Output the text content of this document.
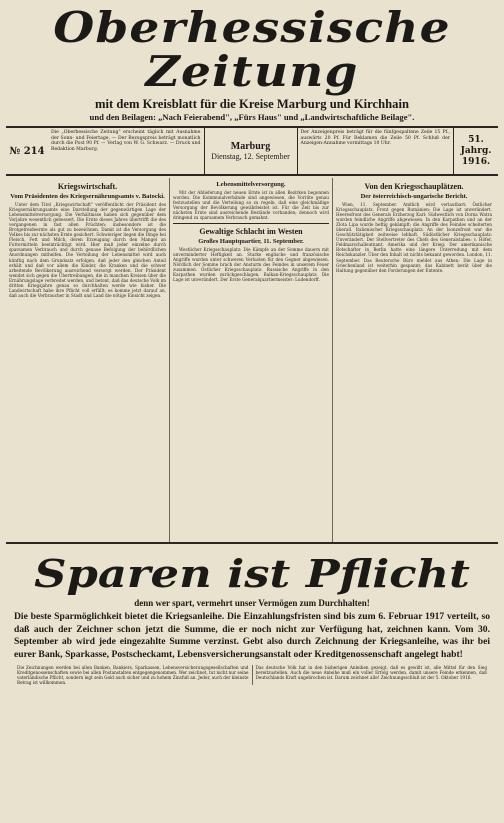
Oberhessische Zeitung
mit dem Kreisblatt für die Kreise Marburg und Kirchhain
und den Beilagen: „Nach Feierabend", „Fürs Haus" und „Landwirtschaftliche Beilage".
№ 214
Die „Oberhessische Zeitung" erscheint täglich mit Ausnahme der Sonn- und Feiertage. — Der Bezugspreis beträgt monatlich durch die Post 90 Pf. — Verlag von W. G. Schwarz. — Druck und Redaktion Marburg.	Marburg
Dienstag, 12. September
Der Anzeigenpreis beträgt für die fünfgespaltene Zeile 15 Pf., auswärts 20 Pf. Für Reklamen die Zeile 50 Pf. Schluß der Anzeigen-Annahme vormittags 10 Uhr.	51. Jahrg. 1916.
Kriegswirtschaft.
Vom Präsidenten des Kriegsernährungsamts v. Batocki.

Unter dem Titel „Kriegswirtschaft" veröffentlicht der Präsident des Kriegsernährungsamts eine Darstellung der gegenwärtigen Lage der Lebensmittelversorgung. Die Verhältnisse haben sich gegenüber dem Vorjahre wesentlich gebessert. Die Ernte dieses Jahres übertrifft die des vergangenen in fast allen Früchten; insbesondere ist die Brotgetreideernte als gut zu bezeichnen. Damit ist die Versorgung des Volkes bis zur nächsten Ernte gesichert. Schwieriger liegen die Dinge bei Fleisch, Fett und Milch, deren Erzeugung durch den Mangel an Futtermitteln beeinträchtigt wird. Hier muß jeder einzelne durch sparsamen Verbrauch und durch genaue Befolgung der behördlichen Anordnungen mithelfen. Die Verteilung der Lebensmittel wird auch künftig nach dem Grundsatz erfolgen, daß jeder den gleichen Anteil erhält und daß vor allem die Kinder, die Kranken und die schwer arbeitende Bevölkerung ausreichend versorgt werden. Der Präsident wendet sich gegen die Übertreibungen, die in manchen Kreisen über die Ernährungslage verbreitet werden, und betont, daß das deutsche Volk im dritten Kriegsjahre genau so durchhalten werde wie bisher. Die Landwirtschaft habe ihre Pflicht voll erfüllt; es komme jetzt darauf an, daß auch die Verbraucher in Stadt und Land die nötige Einsicht zeigen.

Lebensmittelversorgung.

Mit der Ablieferung der neuen Ernte ist in allen Bezirken begonnen worden. Die Kommunalverbände sind angewiesen, die Vorräte genau festzustellen und die Verteilung so zu regeln, daß eine gleichmäßige Versorgung der Bevölkerung gewährleistet ist. Für die Zeit bis zur nächsten Ernte sind ausreichende Bestände vorhanden; dennoch wird dringend zu sparsamem Verbrauch gemahnt.

Gewaltige Schlacht im Westen
Großes Hauptquartier, 11. September.

Westlicher Kriegsschauplatz: Die Kämpfe an der Somme dauern mit unverminderter Heftigkeit an. Starke englische und französische Angriffe wurden unter schweren Verlusten für den Gegner abgewiesen. Nördlich der Somme brach der Ansturm des Feindes in unserem Feuer zusammen. Östlicher Kriegsschauplatz: Russische Angriffe in den Karpathen wurden zurückgeschlagen. Balkan-Kriegsschauplatz: Die Lage ist unverändert. Der Erste Generalquartiermeister: Ludendorff.

Von den Kriegsschauplätzen.
Der österreichisch-ungarische Bericht.

Wien, 11. September. Amtlich wird verlautbart: Östlicher Kriegsschauplatz. Front gegen Rumänien: Die Lage ist unverändert. Heeresfront des Generals Erzherzog Karl: Südwestlich von Dorna Watra wurden feindliche Angriffe abgewiesen. In den Karpathen und an der Zlota Lipa wurde heftig gekämpft; die Angriffe des Feindes scheiterten überall. Italienischer Kriegsschauplatz: An der Isonzofront war die Geschütztätigkeit zeitweise lebhaft. Südöstlicher Kriegsschauplatz: Unverändert. Der Stellvertreter des Chefs des Generalstabes: v. Höfer, Feldmarschalleutnant. Amerika und der Krieg: Der amerikanische Botschafter in Berlin hatte eine längere Unterredung mit dem Reichskanzler. Über den Inhalt ist nichts bekannt geworden. London, 11. September. Das Reutersche Büro meldet aus Athen: Die Lage in Griechenland ist weiterhin gespannt; das Kabinett berät über die Haltung gegenüber den Forderungen der Entente.

Sparen ist Pflicht
denn wer spart, vermehrt unser Vermögen zum Durchhalten!
Die beste Sparmöglichkeit bietet die Kriegsanleihe. Die Einzahlungsfristen sind bis zum 6. Februar 1917 verteilt, so daß auch der Zeichner schon jetzt die Summe, die er noch nicht zur Verfügung hat, zeichnen kann. Vom 30. September ab wird jede eingezahlte Summe verzinst. Gebt also durch Zeichnung der Kriegsanleihe, was ihr bei eurer Bank, Sparkasse, Postscheckamt, Lebensversicherungsanstalt oder Kreditgenossenschaft angelegt habt!
Die Zeichnungen werden bei allen Banken, Bankiers, Sparkassen, Lebensversicherungsgesellschaften und Kreditgenossenschaften sowie bei allen Postanstalten entgegengenommen. Wer zeichnet, tut nicht nur seine vaterländische Pflicht, sondern legt sein Geld auch sicher und zu hohem Zinsfuß an. Jeder, auch der kleinste Betrag ist willkommen.
Das deutsche Volk hat in den bisherigen Anleihen gezeigt, daß es gewillt ist, alle Mittel für den Sieg bereitzustellen. Auch die neue Anleihe muß ein voller Erfolg werden, damit unsere Feinde erkennen, daß Deutschlands Kraft ungebrochen ist. Darum zeichnet alle! Zeichnungsschluß ist der 5. Oktober 1916.
